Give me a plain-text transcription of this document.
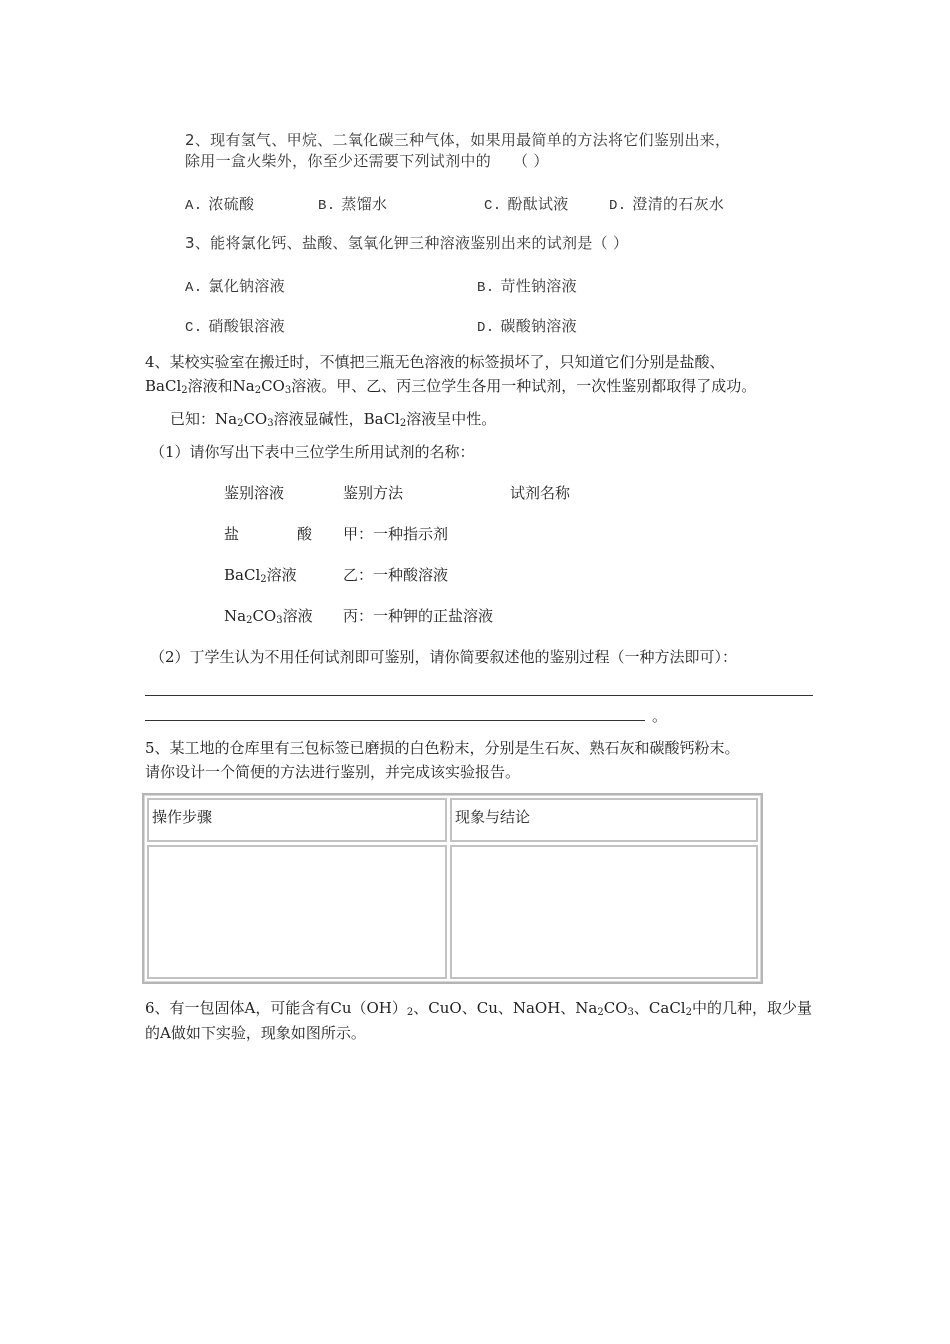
2、现有氢气、甲烷、二氧化碳三种气体，如果用最简单的方法将它们鉴别出来，
除用一盒火柴外，你至少还需要下列试剂中的 （ ）
A. 浓硫酸	B. 蒸馏水	C. 酚酞试液	D. 澄清的石灰水
3、能将氯化钙、盐酸、氢氧化钾三种溶液鉴别出来的试剂是（ ）
A. 氯化钠溶液	B. 苛性钠溶液
C. 硝酸银溶液	D. 碳酸钠溶液
4、某校实验室在搬迁时，不慎把三瓶无色溶液的标签损坏了，只知道它们分别是盐酸、
BaCl$_2$溶液和$Na_2CO_3$溶液。甲、乙、丙三位学生各用一种试剂，一次性鉴别都取得了成功。
已知：$Na_2CO_3$溶液显碱性，BaCl$_2$溶液呈中性。
（1）请你写出下表中三位学生所用试剂的名称：
鉴别溶液	鉴别方法	试剂名称
盐	酸 甲：一种指示剂
BaCl$_2$溶液	乙：一种酸溶液
$Na_2CO_3$溶液 丙：一种钾的正盐溶液
（2）丁学生认为不用任何试剂即可鉴别，请你简要叙述他的鉴别过程（一种方法即可）：
。
5、某工地的仓库里有三包标签已磨损的白色粉末，分别是生石灰、熟石灰和碳酸钙粉末。
请你设计一个简便的方法进行鉴别，并完成该实验报告。
操作步骤	现象与结论

6、有一包固体A，可能含有$Cu(OH)_2$、CuO、Cu、NaOH、$Na_2CO_3$、CaCl$_2$中的几种，取少量
的A做如下实验，现象如图所示。
